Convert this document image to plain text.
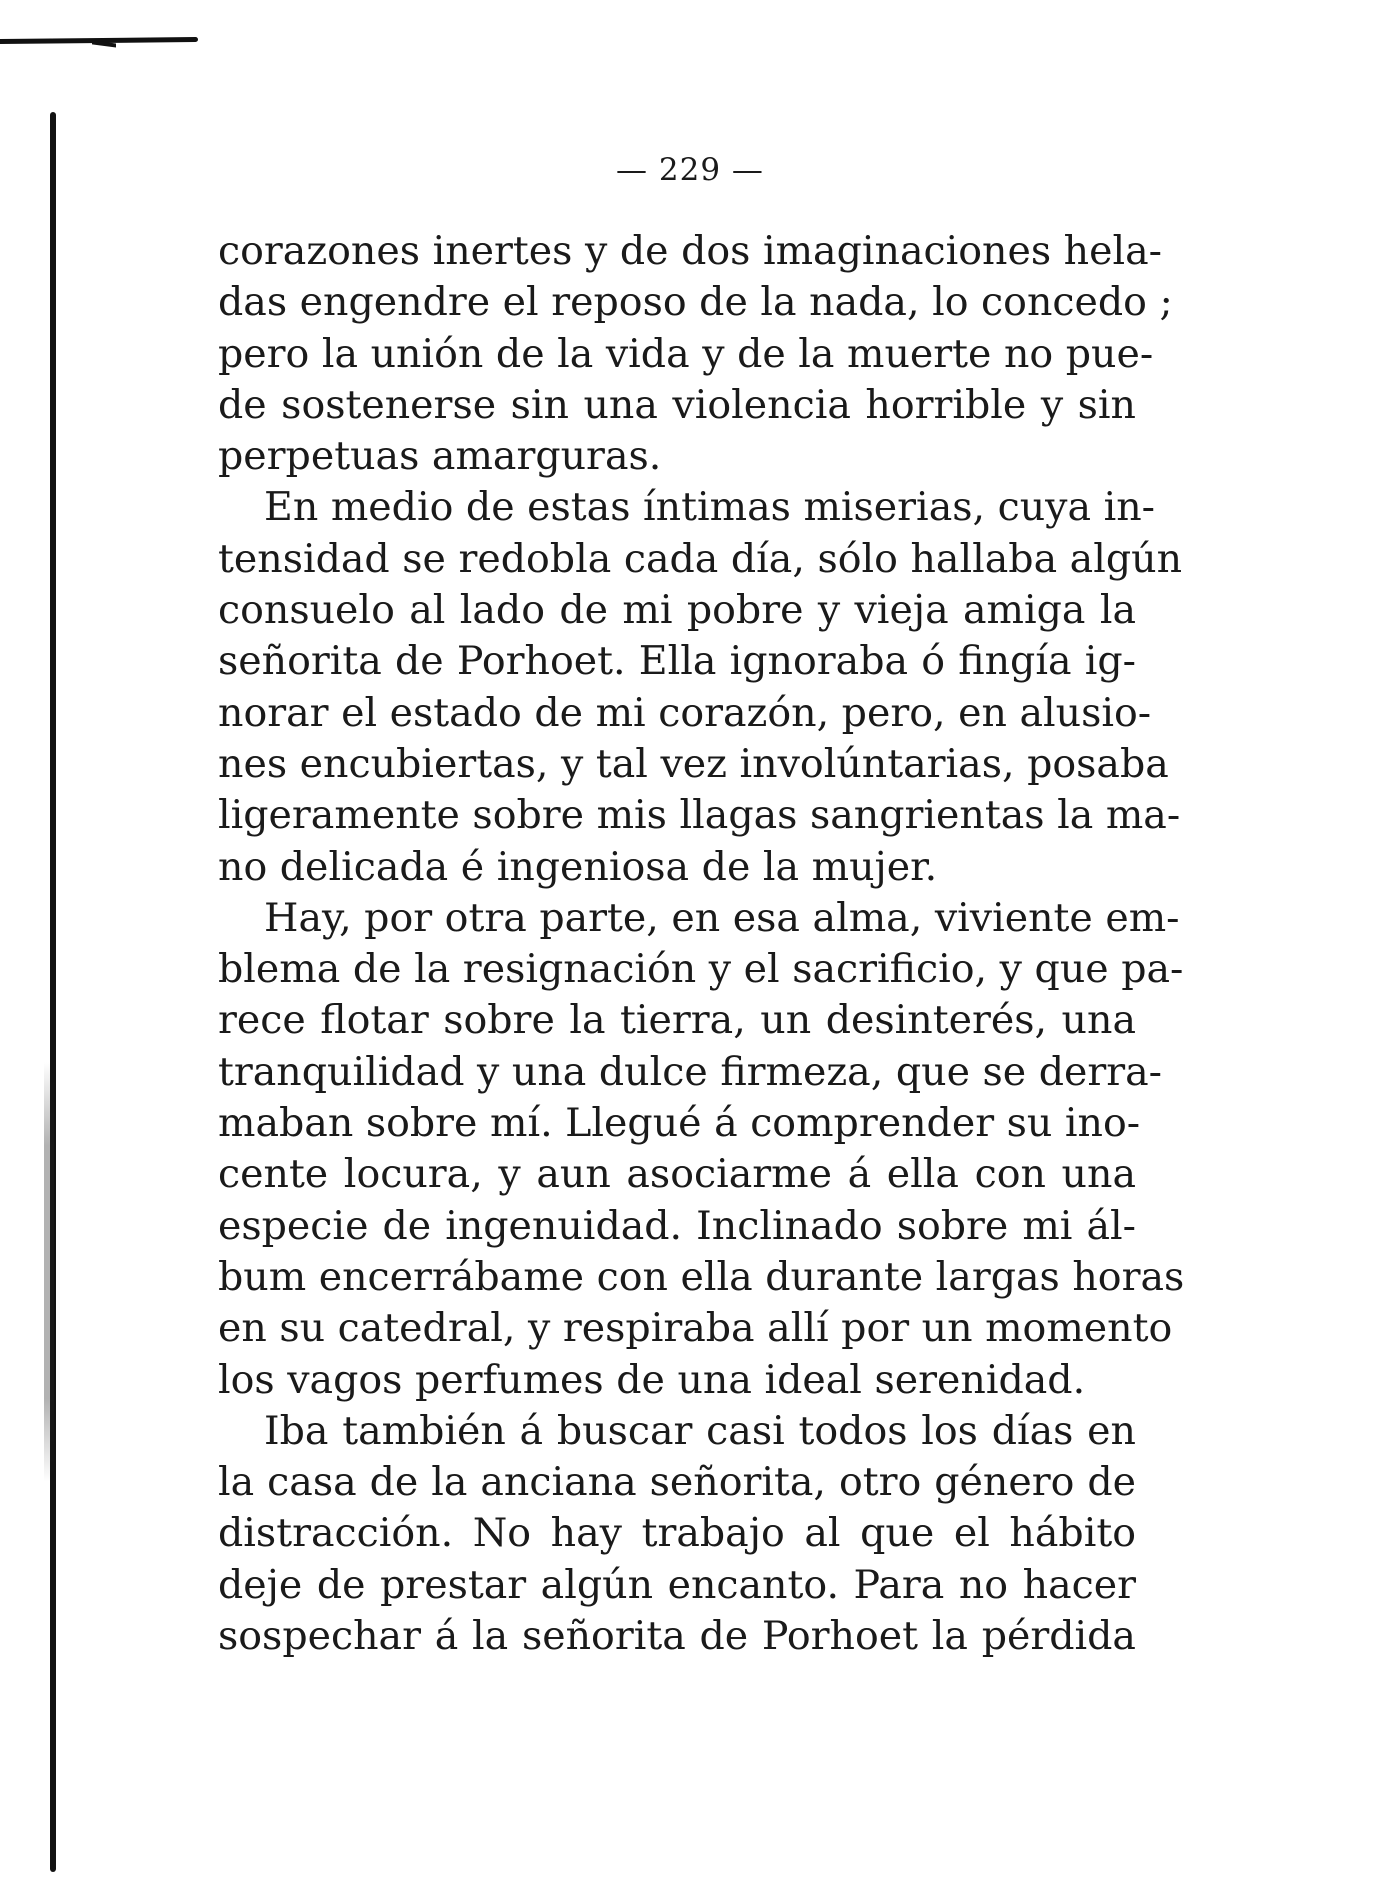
— 229 —
corazones inertes y de dos imaginaciones hela-
das engendre el reposo de la nada, lo concedo ;
pero la unión de la vida y de la muerte no pue-
de sostenerse sin una violencia horrible y sin
perpetuas amarguras.
En medio de estas íntimas miserias, cuya in-
tensidad se redobla cada día, sólo hallaba algún
consuelo al lado de mi pobre y vieja amiga la
señorita de Porhoet. Ella ignoraba ó fingía ig-
norar el estado de mi corazón, pero, en alusio-
nes encubiertas, y tal vez involúntarias, posaba
ligeramente sobre mis llagas sangrientas la ma-
no delicada é ingeniosa de la mujer.
Hay, por otra parte, en esa alma, viviente em-
blema de la resignación y el sacrificio, y que pa-
rece flotar sobre la tierra, un desinterés, una
tranquilidad y una dulce firmeza, que se derra-
maban sobre mí. Llegué á comprender su ino-
cente locura, y aun asociarme á ella con una
especie de ingenuidad. Inclinado sobre mi ál-
bum encerrábame con ella durante largas horas
en su catedral, y respiraba allí por un momento
los vagos perfumes de una ideal serenidad.
Iba también á buscar casi todos los días en
la casa de la anciana señorita, otro género de
distracción. No hay trabajo al que el hábito
deje de prestar algún encanto. Para no hacer
sospechar á la señorita de Porhoet la pérdida
